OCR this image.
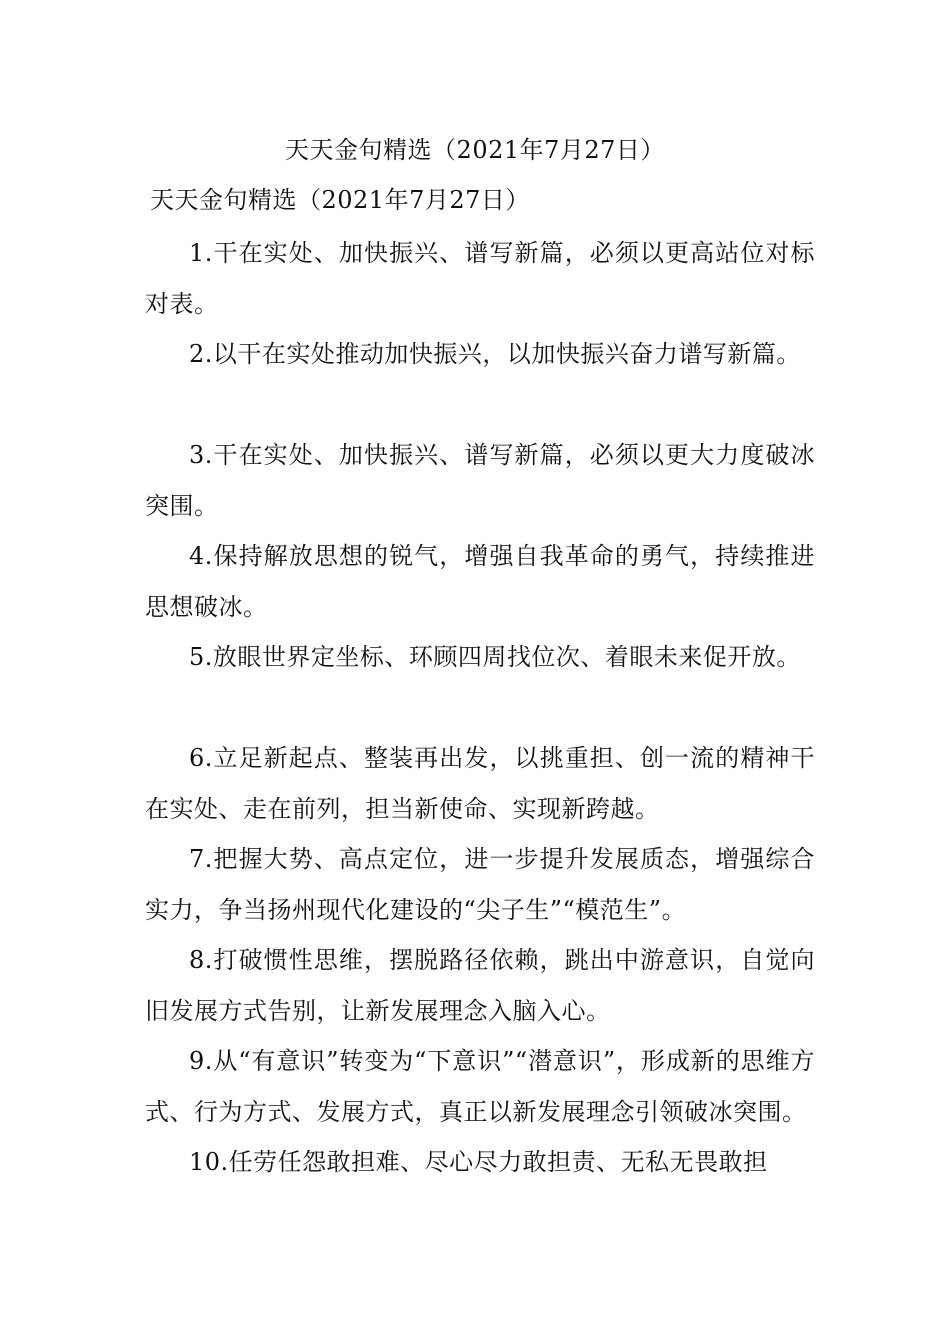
天天金句精选（2021年7月27日）
天天金句精选（2021年7月27日）

1.干在实处、加快振兴、谱写新篇，必须以更高站位对标对表。

2.以干在实处推动加快振兴，以加快振兴奋力谱写新篇。

3.干在实处、加快振兴、谱写新篇，必须以更大力度破冰突围。

4.保持解放思想的锐气，增强自我革命的勇气，持续推进思想破冰。

5.放眼世界定坐标、环顾四周找位次、着眼未来促开放。

6.立足新起点、整装再出发，以挑重担、创一流的精神干在实处、走在前列，担当新使命、实现新跨越。

7.把握大势、高点定位，进一步提升发展质态，增强综合实力，争当扬州现代化建设的“尖子生”“模范生”。

8.打破惯性思维，摆脱路径依赖，跳出中游意识，自觉向旧发展方式告别，让新发展理念入脑入心。

9.从“有意识”转变为“下意识”“潜意识”，形成新的思维方式、行为方式、发展方式，真正以新发展理念引领破冰突围。

10.任劳任怨敢担难、尽心尽力敢担责、无私无畏敢担
